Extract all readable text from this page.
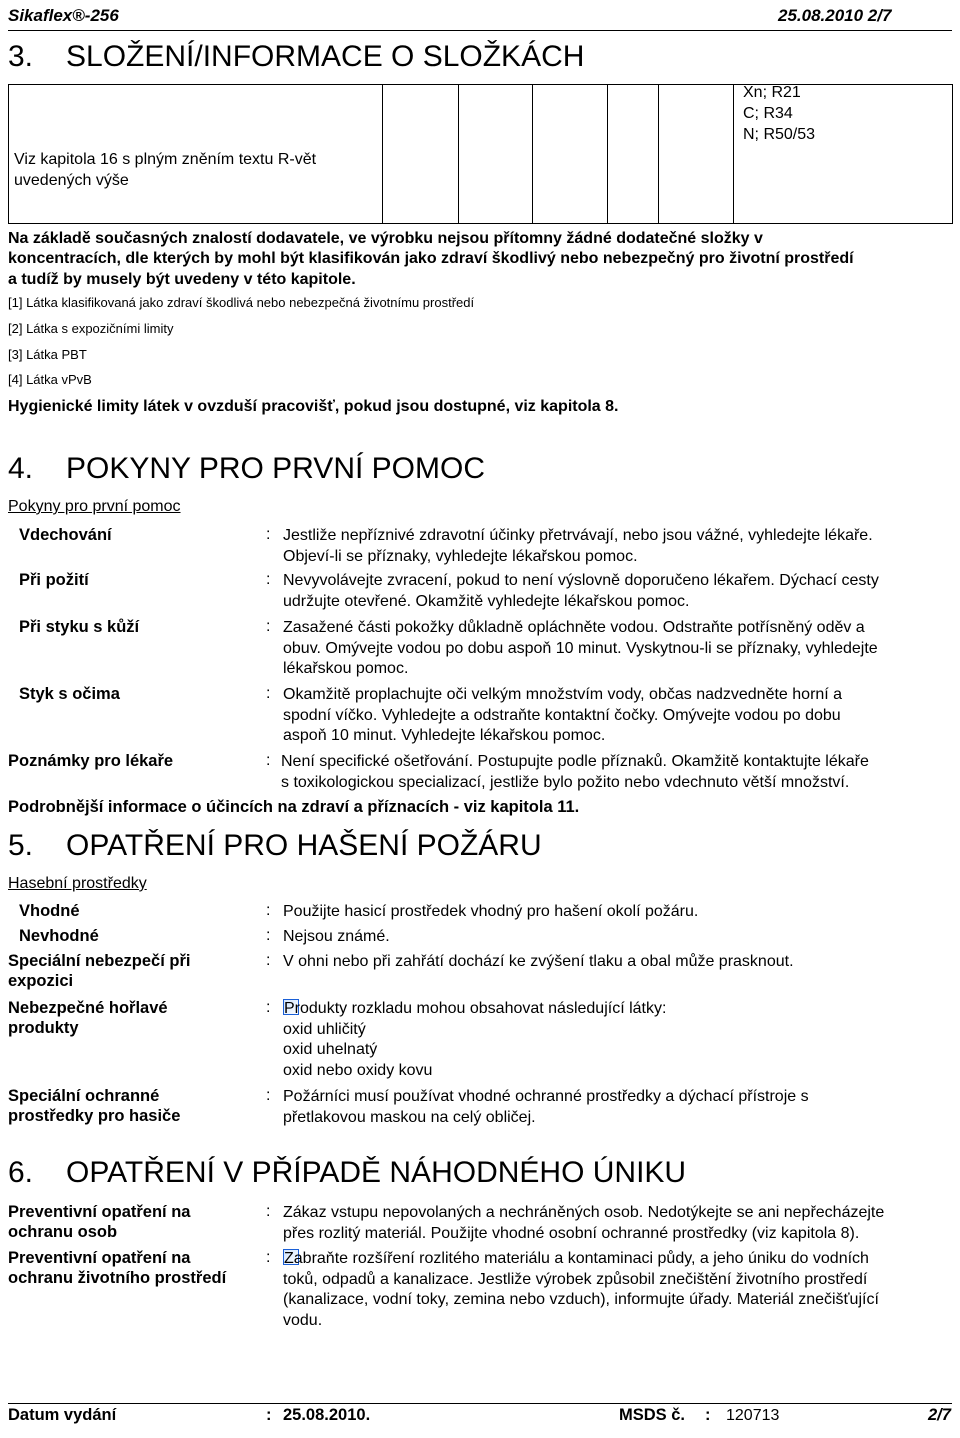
Sikaflex®-256	25.08.2010 2/7
3. SLOŽENÍ/INFORMACE O SLOŽKÁCH
Viz kapitola 16 s plným zněním textu R-vět
uvedených výše
Xn; R21
C; R34
N; R50/53
Na základě současných znalostí dodavatele, ve výrobku nejsou přítomny žádné dodatečné složky v
koncentracích, dle kterých by mohl být klasifikován jako zdraví škodlivý nebo nebezpečný pro životní prostředí
a tudíž by musely být uvedeny v této kapitole.
[1] Látka klasifikovaná jako zdraví škodlivá nebo nebezpečná životnímu prostředí
[2] Látka s expozičními limity
[3] Látka PBT
[4] Látka vPvB
Hygienické limity látek v ovzduší pracovišť, pokud jsou dostupné, viz kapitola 8.
4. POKYNY PRO PRVNÍ POMOC
Pokyny pro první pomoc
Vdechování	: Jestliže nepříznivé zdravotní účinky přetrvávají, nebo jsou vážné, vyhledejte lékaře.
Objeví-li se příznaky, vyhledejte lékařskou pomoc.
Při požití	: Nevyvolávejte zvracení, pokud to není výslovně doporučeno lékařem. Dýchací cesty
udržujte otevřené. Okamžitě vyhledejte lékařskou pomoc.
Při styku s kůží	: Zasažené části pokožky důkladně opláchněte vodou. Odstraňte potřísněný oděv a
obuv. Omývejte vodou po dobu aspoň 10 minut. Vyskytnou-li se příznaky, vyhledejte
lékařskou pomoc.
Styk s očima	: Okamžitě proplachujte oči velkým množstvím vody, občas nadzvedněte horní a
spodní víčko. Vyhledejte a odstraňte kontaktní čočky. Omývejte vodou po dobu
aspoň 10 minut. Vyhledejte lékařskou pomoc.
Poznámky pro lékaře	: Není specifické ošetřování. Postupujte podle příznaků. Okamžitě kontaktujte lékaře
s toxikologickou specializací, jestliže bylo požito nebo vdechnuto větší množství.
Podrobnější informace o účincích na zdraví a příznacích - viz kapitola 11.
5. OPATŘENÍ PRO HAŠENÍ POŽÁRU
Hasební prostředky
Vhodné	: Použijte hasicí prostředek vhodný pro hašení okolí požáru.
Nevhodné	: Nejsou známé.
Speciální nebezpečí při expozici
: V ohni nebo při zahřátí dochází ke zvýšení tlaku a obal může prasknout.
Nebezpečné hořlavé produkty
: Produkty rozkladu mohou obsahovat následující látky:
oxid uhličitý
oxid uhelnatý
oxid nebo oxidy kovu
Speciální ochranné prostředky pro hasiče
: Požárníci musí používat vhodné ochranné prostředky a dýchací přístroje s
přetlakovou maskou na celý obličej.
6. OPATŘENÍ V PŘÍPADĚ NÁHODNÉHO ÚNIKU
Preventivní opatření na ochranu osob
: Zákaz vstupu nepovolaných a nechráněných osob. Nedotýkejte se ani nepřecházejte
přes rozlitý materiál. Použijte vhodné osobní ochranné prostředky (viz kapitola 8).
Preventivní opatření na ochranu životního prostředí
: Zabraňte rozšíření rozlitého materiálu a kontaminaci půdy, a jeho úniku do vodních
toků, odpadů a kanalizace. Jestliže výrobek způsobil znečištění životního prostředí
(kanalizace, vodní toky, zemina nebo vzduch), informujte úřady. Materiál znečišťující
vodu.
Datum vydání	: 25.08.2010.	MSDS č. : 120713	2/7
